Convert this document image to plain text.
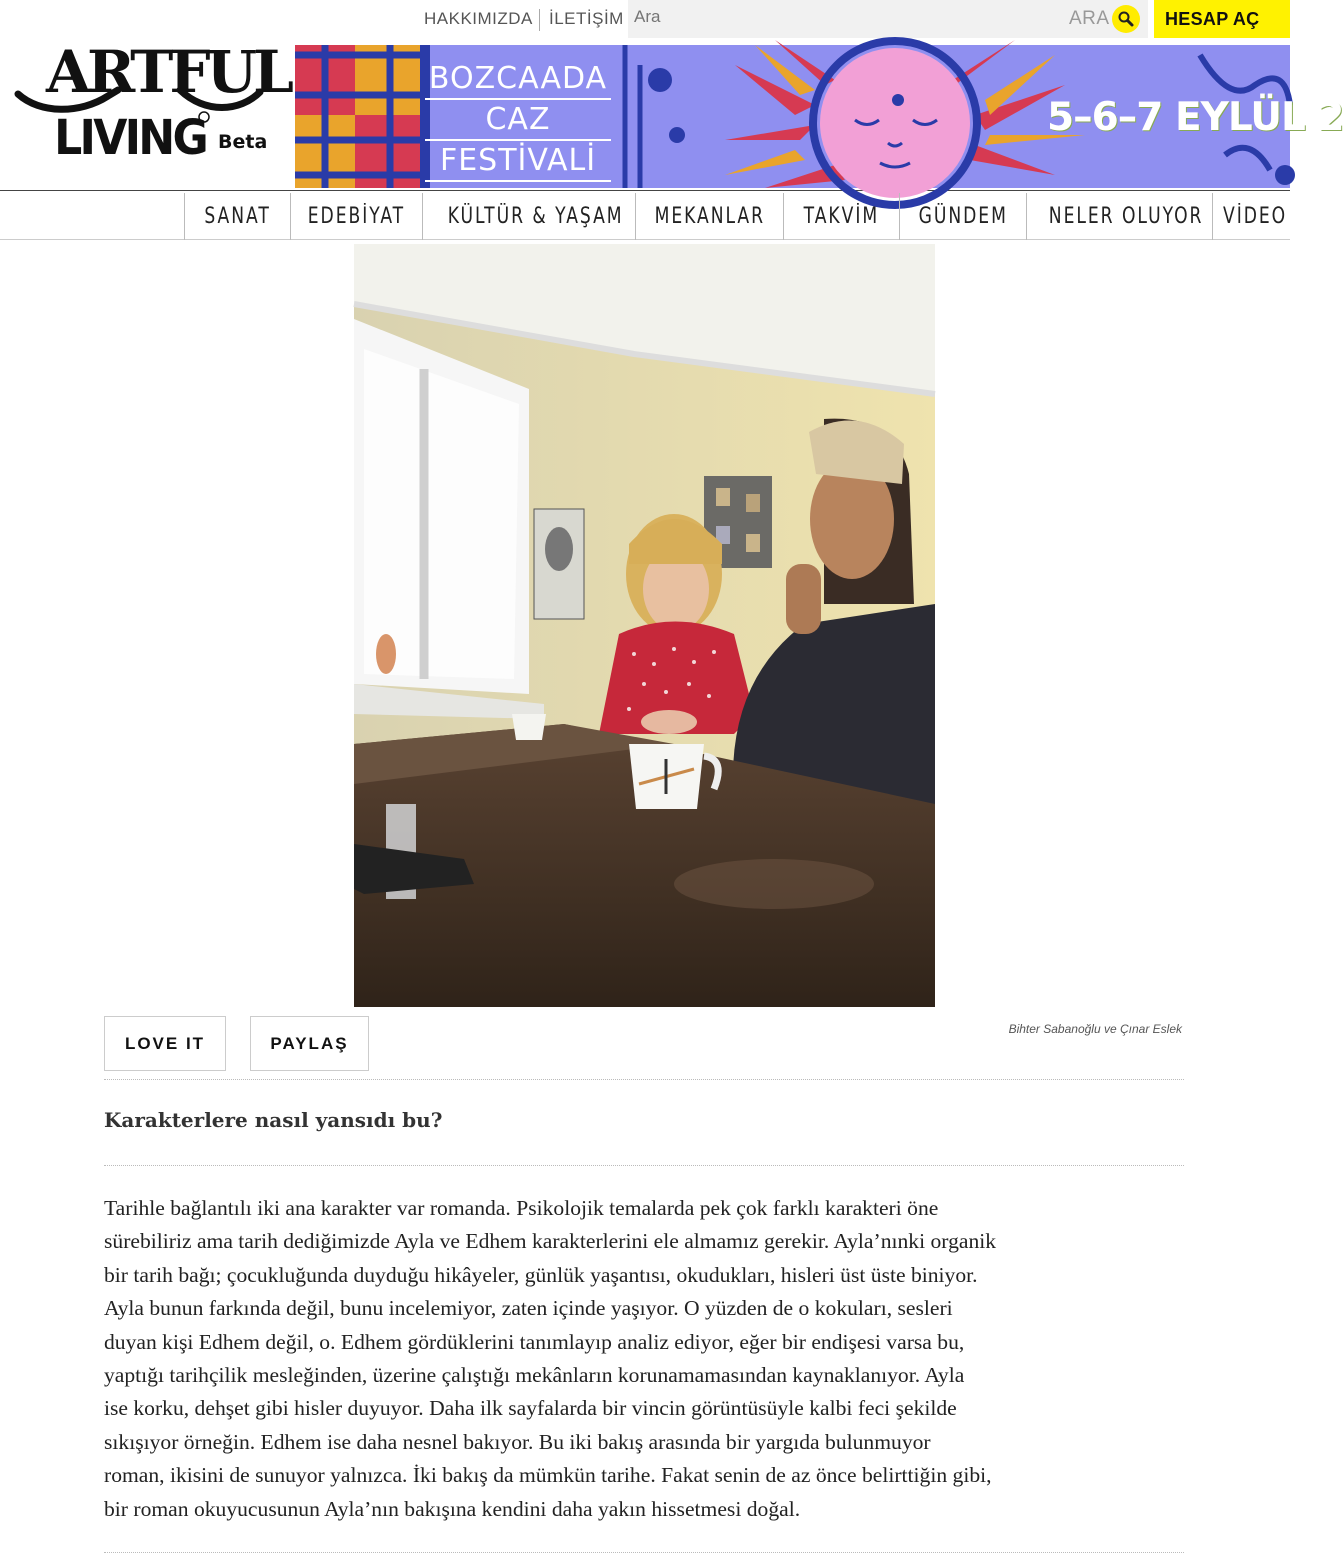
ARTFUL
LIVING Beta
HAKKIMIZDA İLETİŞİM
Ara	ARA	HESAP AÇ
BOZCAADA
CAZ
FESTİVALİ
5–6–7 EYLÜL 2
SANAT	EDEBİYAT	KÜLTÜR & YAŞAM	MEKANLAR	TAKVİM	GÜNDEM	NELER OLUYOR VİDEO
LOVE IT	PAYLAŞ
Bihter Sabanoğlu ve Çınar Eslek
Karakterlere nasıl yansıdı bu?
Tarihle bağlantılı iki ana karakter var romanda. Psikolojik temalarda pek çok farklı karakteri öne
sürebiliriz ama tarih dediğimizde Ayla ve Edhem karakterlerini ele almamız gerekir. Ayla’nınki organik
bir tarih bağı; çocukluğunda duyduğu hikâyeler, günlük yaşantısı, okudukları, hisleri üst üste biniyor.
Ayla bunun farkında değil, bunu incelemiyor, zaten içinde yaşıyor. O yüzden de o kokuları, sesleri
duyan kişi Edhem değil, o. Edhem gördüklerini tanımlayıp analiz ediyor, eğer bir endişesi varsa bu,
yaptığı tarihçilik mesleğinden, üzerine çalıştığı mekânların korunamamasından kaynaklanıyor. Ayla
ise korku, dehşet gibi hisler duyuyor. Daha ilk sayfalarda bir vincin görüntüsüyle kalbi feci şekilde
sıkışıyor örneğin. Edhem ise daha nesnel bakıyor. Bu iki bakış arasında bir yargıda bulunmuyor
roman, ikisini de sunuyor yalnızca. İki bakış da mümkün tarihe. Fakat senin de az önce belirttiğin gibi,
bir roman okuyucusunun Ayla’nın bakışına kendini daha yakın hissetmesi doğal.
